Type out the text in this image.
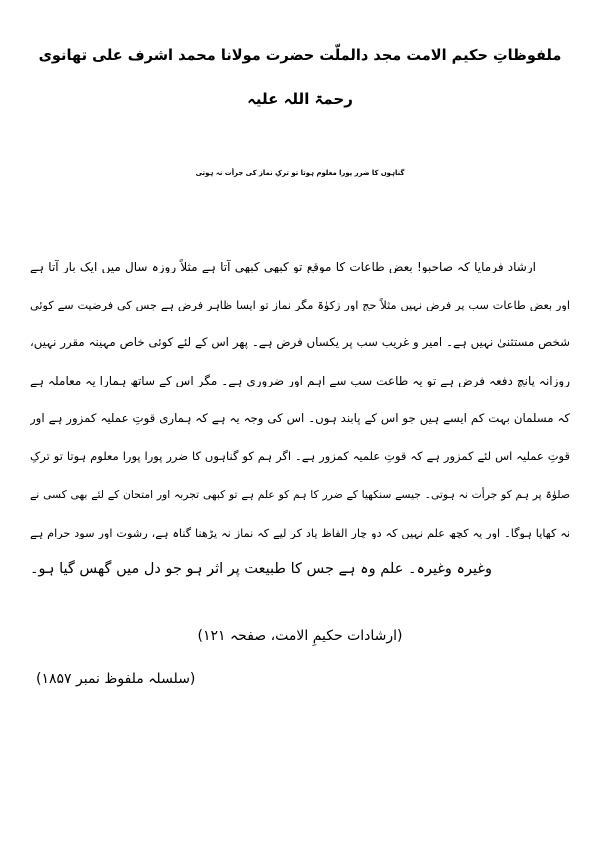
ملفوظاتِ حکیم الامت مجد دالملّت حضرت مولانا محمد اشرف علی تھانوی
رحمۃ اللہ علیہ
گناہوں کا ضرر پورا معلوم ہوتا تو ترکِ نماز کی جرأت نہ ہوتی
ارشاد فرمایا کہ صاحبو! بعض طاعات کا موقع تو کبھی کبھی آتا ہے مثلاً روزہ سال میں ایک بار آتا ہے
اور بعض طاعات سب پر فرض نہیں مثلاً حج اور زکوٰۃ مگر نماز تو ایسا ظاہر فرض ہے جس کی فرضیت سے کوئی
شخص مستثنیٰ نہیں ہے۔ امیر و غریب سب پر یکساں فرض ہے۔ پھر اس کے لئے کوئی خاص مہینہ مقرر نہیں،
روزانہ پانچ دفعہ فرض ہے تو یہ طاعت سب سے اہم اور ضروری ہے۔ مگر اس کے ساتھ ہمارا یہ معاملہ ہے
کہ مسلمان بہت کم ایسے ہیں جو اس کے پابند ہوں۔ اس کی وجہ یہ ہے کہ ہماری قوتِ عملیہ کمزور ہے اور
قوتِ عملیہ اس لئے کمزور ہے کہ قوتِ علمیہ کمزور ہے۔ اگر ہم کو گناہوں کا ضرر پورا پورا معلوم ہوتا تو ترکِ
صلوٰۃ پر ہم کو جرأت نہ ہوتی۔ جیسے سنکھیا کے ضرر کا ہم کو علم ہے تو کبھی تجربہ اور امتحان کے لئے بھی کسی نے
نہ کھایا ہوگا۔ اور یہ کچھ علم نہیں کہ دو چار الفاظ یاد کر لیے کہ نماز نہ پڑھنا گناہ ہے، رشوت اور سود حرام ہے
وغیرہ وغیرہ۔ علم وہ ہے جس کا طبیعت پر اثر ہو جو دل میں گھس گیا ہو۔
(ارشادات حکیمِ الامت، صفحہ ۱۲۱)
(سلسلہ ملفوظ نمبر ۱۸۵۷)
